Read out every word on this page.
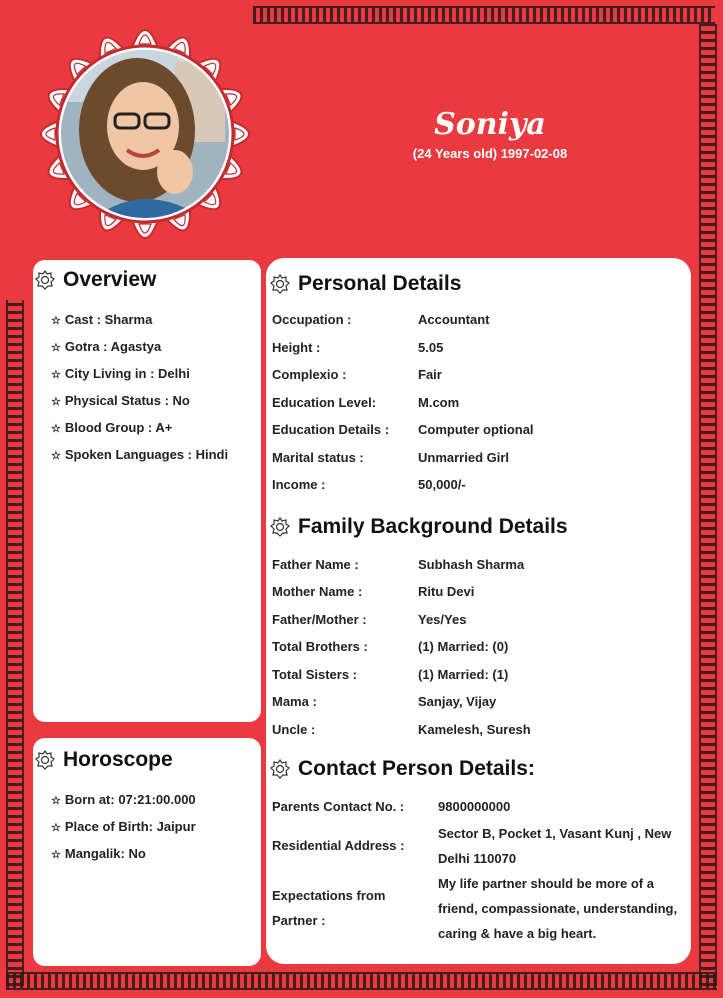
Soniya
(24 Years old) 1997-02-08
Overview
☆ Cast : Sharma
☆ Gotra : Agastya
☆ City Living in : Delhi
☆ Physical Status : No
☆ Blood Group : A+
☆ Spoken Languages : Hindi
Horoscope
☆ Born at: 07:21:00.000
☆ Place of Birth: Jaipur
☆ Mangalik: No
Personal Details
Occupation :	Accountant
Height :	5.05
Complexio :	Fair
Education Level:	M.com
Education Details :	Computer optional
Marital status :	Unmarried Girl
Income :	50,000/-
Family Background Details
Father Name :	Subhash Sharma
Mother Name :	Ritu Devi
Father/Mother :	Yes/Yes
Total Brothers :	(1) Married: (0)
Total Sisters :	(1) Married: (1)
Mama :	Sanjay, Vijay
Uncle :	Kamelesh, Suresh
Contact Person Details:
Parents Contact No. :	9800000000
Residential Address :	Sector B, Pocket 1, Vasant Kunj , New Delhi 110070
Expectations from Partner :	My life partner should be more of a friend, compassionate, understanding, caring & have a big heart.
